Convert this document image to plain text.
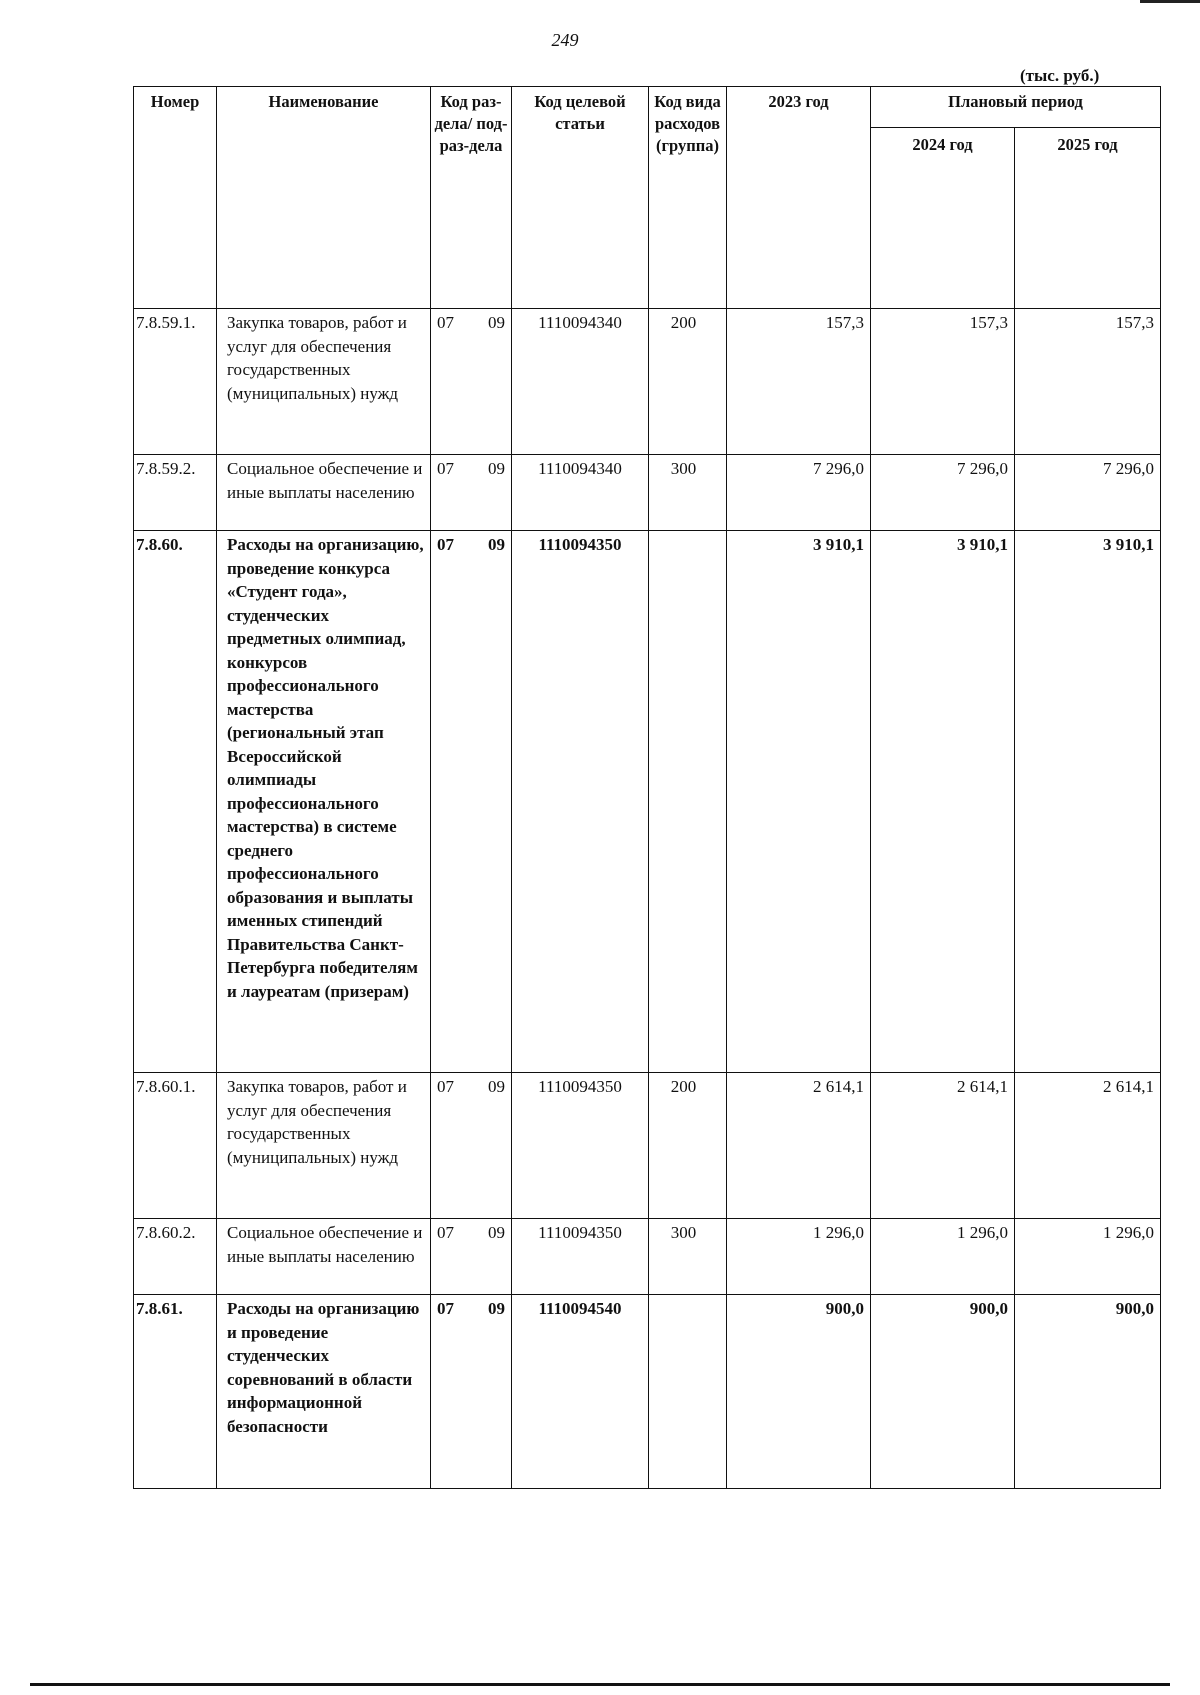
249
(тыс. руб.)
Номер	Наименование	Код раз-дела/ под-раз-дела	Код целевой статьи	Код вида расходов (группа)	2023 год	Плановый период	
						2024 год	2025 год
7.8.59.1.	Закупка товаров, работ и услуг для обеспечения государственных (муниципальных) нужд	07 09	1110094340	200	157,3	157,3	157,3
7.8.59.2.	Социальное обеспечение и иные выплаты населению	07 09	1110094340	300	7 296,0	7 296,0	7 296,0
7.8.60.	Расходы на организацию, проведение конкурса «Студент года», студенческих предметных олимпиад, конкурсов профессионального мастерства (региональный этап Всероссийской олимпиады профессионального мастерства) в системе среднего профессионального образования и выплаты именных стипендий Правительства Санкт-Петербурга победителям и лауреатам (призерам)	07 09	1110094350		3 910,1	3 910,1	3 910,1
7.8.60.1.	Закупка товаров, работ и услуг для обеспечения государственных (муниципальных) нужд	07 09	1110094350	200	2 614,1	2 614,1	2 614,1
7.8.60.2.	Социальное обеспечение и иные выплаты населению	07 09	1110094350	300	1 296,0	1 296,0	1 296,0
7.8.61.	Расходы на организацию и проведение студенческих соревнований в области информационной безопасности	07 09	1110094540		900,0	900,0	900,0
